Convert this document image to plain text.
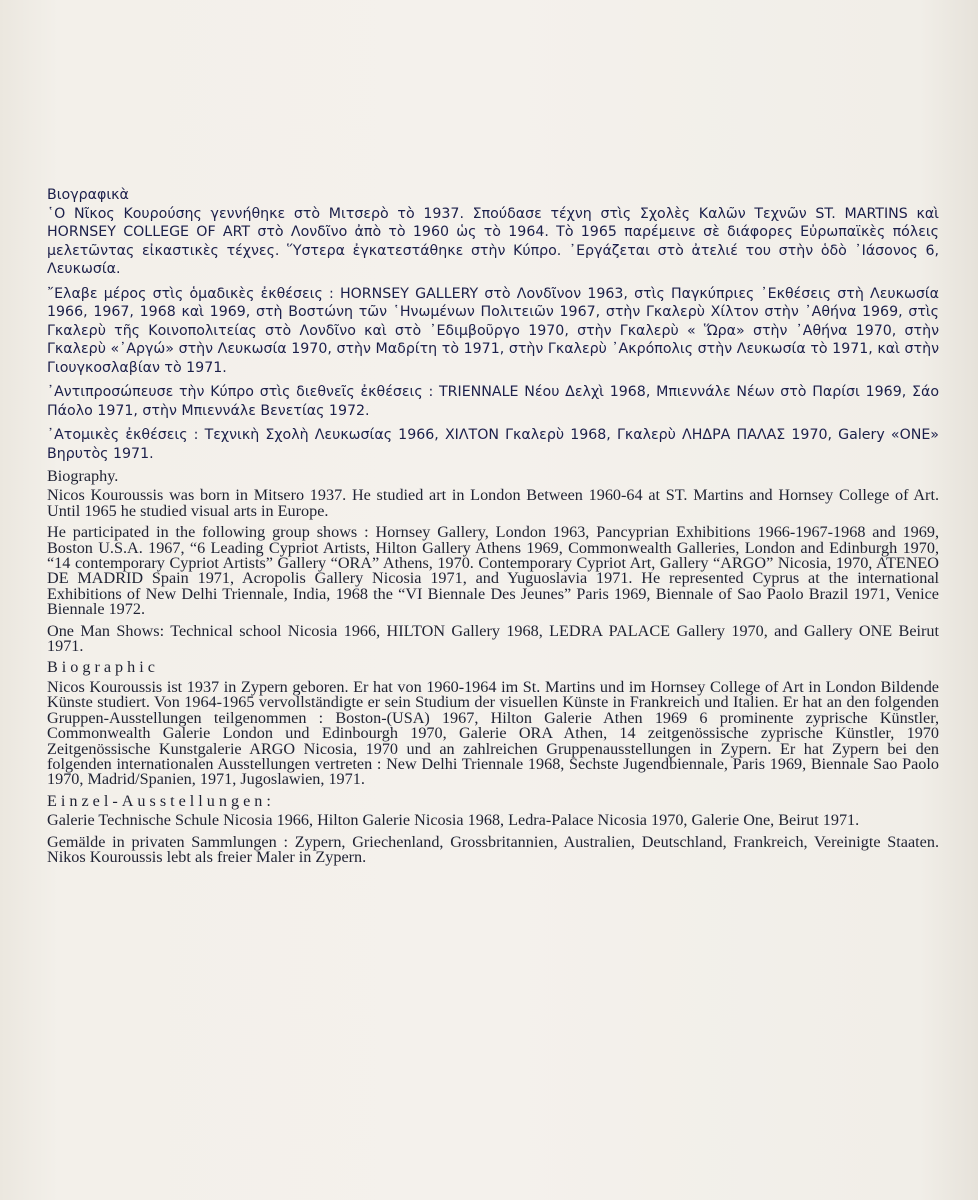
Βιογραφικὰ

῾Ο Νῖκος Κουρούσης γεννήθηκε στὸ Μιτσερὸ τὸ 1937. Σπούδασε τέχνη στὶς Σχολὲς Καλῶν Τεχνῶν ST. MARTINS καὶ HORNSEY COLLEGE OF ART στὸ Λονδῖνο ἀπὸ τὸ 1960 ὡς τὸ 1964. Τὸ 1965 παρέμεινε σὲ διάφορες Εὐρωπαϊκὲς πόλεις μελετῶντας εἰκαστικὲς τέχνες. Ὕστερα ἐγκατεστάθηκε στὴν Κύπρο. ᾿Εργάζεται στὸ ἀτελιέ του στὴν ὁδὸ ᾿Ιάσονος 6, Λευκωσία.

῎Ελαβε μέρος στὶς ὁμαδικὲς ἐκθέσεις : HORNSEY GALLERY στὸ Λονδῖνον 1963, στὶς Παγκύπριες ᾿Εκθέσεις στὴ Λευκωσία 1966, 1967, 1968 καὶ 1969, στὴ Βοστώνη τῶν ῾Ηνωμένων Πολιτειῶν 1967, στὴν Γκαλερὺ Χίλτον στὴν ᾿Αθήνα 1969, στὶς Γκαλερὺ τῆς Κοινοπολιτείας στὸ Λονδῖνο καὶ στὸ ᾿Εδιμβοῦργο 1970, στὴν Γκαλερὺ « Ὥρα» στὴν ᾿Αθήνα 1970, στὴν Γκαλερὺ «᾿Αργώ» στὴν Λευκωσία 1970, στὴν Μαδρίτη τὸ 1971, στὴν Γκαλερὺ ᾿Ακρόπολις στὴν Λευκωσία τὸ 1971, καὶ στὴν Γιουγκοσλαβίαν τὸ 1971.

᾿Αντιπροσώπευσε τὴν Κύπρο στὶς διεθνεῖς ἐκθέσεις : TRIENNALE Νέου Δελχὶ 1968, Μπιεννάλε Νέων στὸ Παρίσι 1969, Σάο Πάολο 1971, στὴν Μπιεννάλε Βενετίας 1972.

᾿Ατομικὲς ἐκθέσεις : Τεχνικὴ Σχολὴ Λευκωσίας 1966, ΧΙΛΤΟΝ Γκαλερὺ 1968, Γκαλερὺ ΛΗΔΡΑ ΠΑΛΑΣ 1970, Galery «ONE» Βηρυτὸς 1971.

Biography.

Nicos Kouroussis was born in Mitsero 1937. He studied art in London Between 1960-64 at ST. Martins and Hornsey College of Art. Until 1965 he studied visual arts in Europe.

He participated in the following group shows : Hornsey Gallery, London 1963, Pancyprian Exhibitions 1966-1967-1968 and 1969, Boston U.S.A. 1967, “6 Leading Cypriot Artists, Hilton Gallery Athens 1969, Commonwealth Galleries, London and Edinburgh 1970, “14 contemporary Cypriot Artists” Gallery “ORA” Athens, 1970. Contemporary Cypriot Art, Gallery “ARGO” Nicosia, 1970, ATENEO DE MADRID Spain 1971, Acropolis Gallery Nicosia 1971, and Yuguoslavia 1971. He represented Cyprus at the international Exhibitions of New Delhi Triennale, India, 1968 the “VI Biennale Des Jeunes” Paris 1969, Biennale of Sao Paolo Brazil 1971, Venice Biennale 1972.

One Man Shows: Technical school Nicosia 1966, HILTON Gallery 1968, LEDRA PALACE Gallery 1970, and Gallery ONE Beirut 1971.

Biographic

Nicos Kouroussis ist 1937 in Zypern geboren. Er hat von 1960-1964 im St. Martins und im Hornsey College of Art in London Bildende Künste studiert. Von 1964-1965 vervollständigte er sein Studium der visuellen Künste in Frankreich und Italien. Er hat an den folgenden Gruppen-Ausstellungen teilgenommen : Boston-(USA) 1967, Hilton Galerie Athen 1969 6 prominente zyprische Künstler, Commonwealth Galerie London und Edinbourgh 1970, Galerie ORA Athen, 14 zeitgenössische zyprische Künstler, 1970 Zeitgenössische Kunstgalerie ARGO Nicosia, 1970 und an zahlreichen Gruppenausstellungen in Zypern. Er hat Zypern bei den folgenden internationalen Ausstellungen vertreten : New Delhi Triennale 1968, Sechste Jugendbiennale, Paris 1969, Biennale Sao Paolo 1970, Madrid/Spanien, 1971, Jugoslawien, 1971.

Einzel-Ausstellungen:

Galerie Technische Schule Nicosia 1966, Hilton Galerie Nicosia 1968, Ledra-Palace Nicosia 1970, Galerie One, Beirut 1971.

Gemälde in privaten Sammlungen : Zypern, Griechenland, Grossbritannien, Australien, Deutschland, Frankreich, Vereinigte Staaten. Nikos Kouroussis lebt als freier Maler in Zypern.
